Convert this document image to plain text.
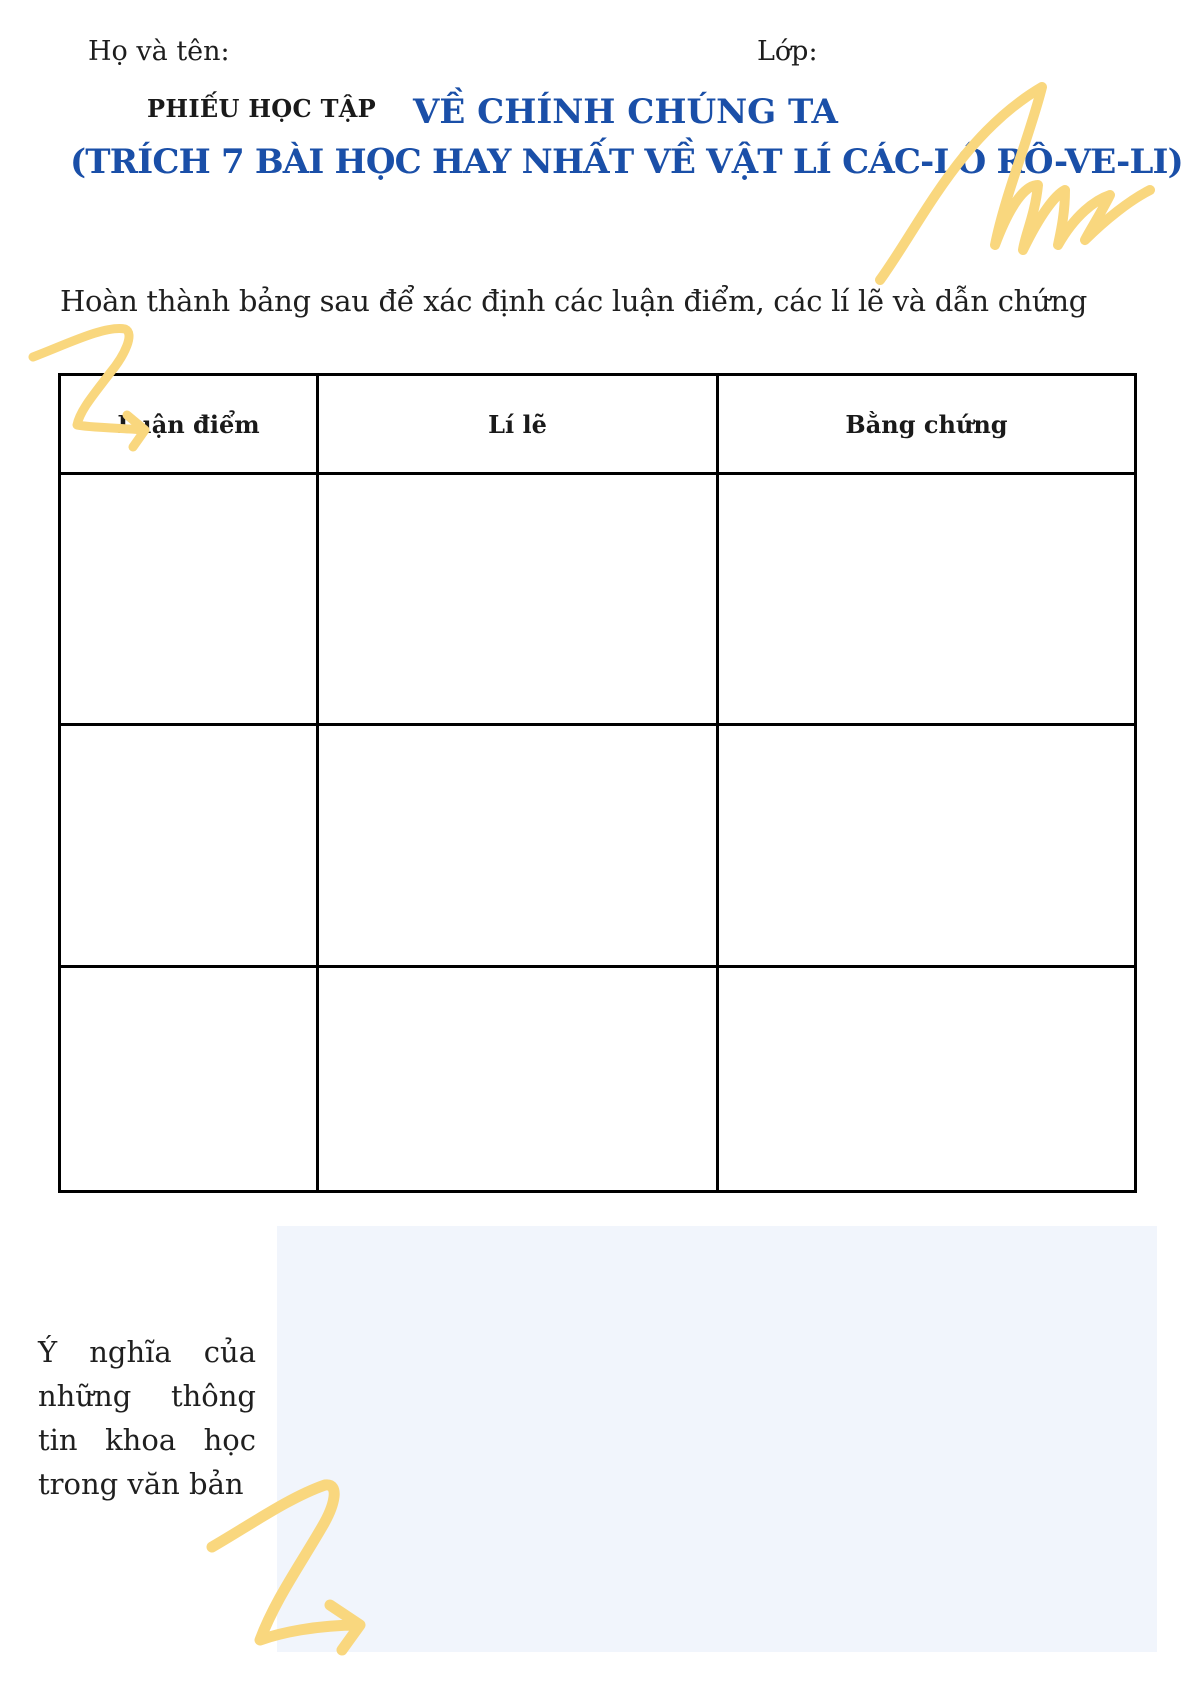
Họ và tên:	Lớp:
PHIẾU HỌC TẬP VỀ CHÍNH CHÚNG TA
(TRÍCH 7 BÀI HỌC HAY NHẤT VỀ VẬT LÍ CÁC-LÔ RÔ-VE-LI)
Hoàn thành bảng sau để xác định các luận điểm, các lí lẽ và dẫn chứng
Luận điểm	Lí lẽ	Bằng chứng

Ý nghĩa của những thông tin khoa học trong văn bản
